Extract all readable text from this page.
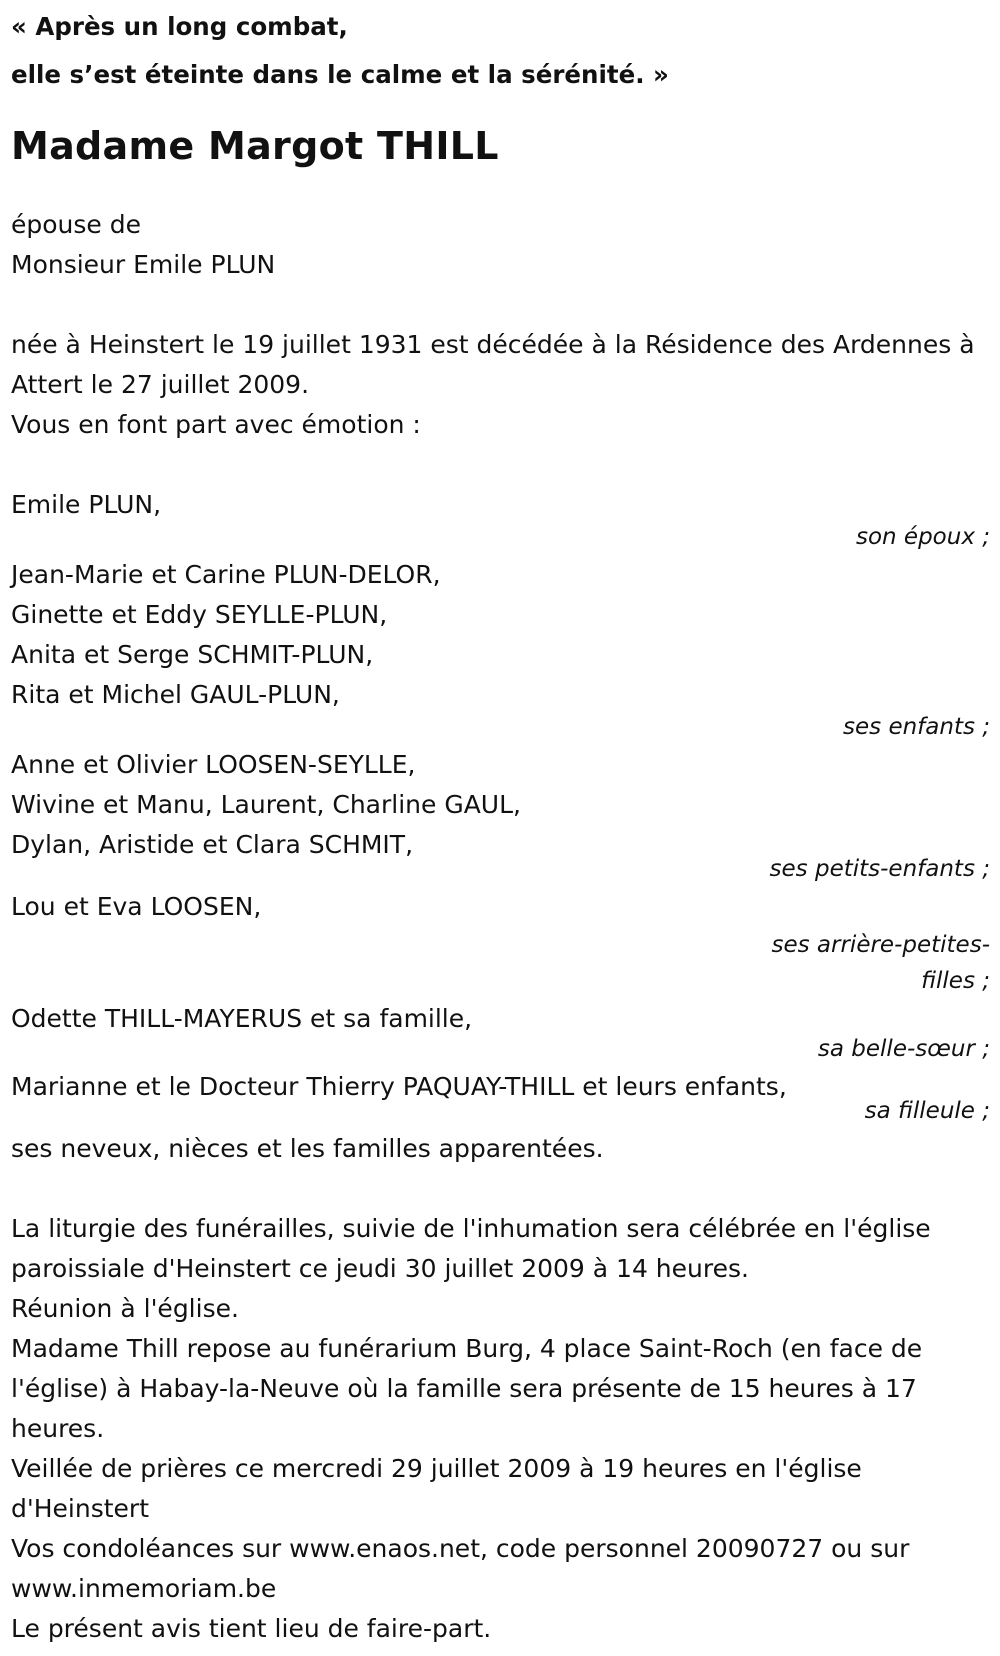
« Après un long combat,
elle s’est éteinte dans le calme et la sérénité. »

Madame Margot THILL

épouse de
Monsieur Emile PLUN

née à Heinstert le 19 juillet 1931 est décédée à la Résidence des Ardennes à Attert le 27 juillet 2009.
Vous en font part avec émotion :

Emile PLUN,
son époux ;
Jean-Marie et Carine PLUN-DELOR,
Ginette et Eddy SEYLLE-PLUN,
Anita et Serge SCHMIT-PLUN,
Rita et Michel GAUL-PLUN,
ses enfants ;
Anne et Olivier LOOSEN-SEYLLE,
Wivine et Manu, Laurent, Charline GAUL,
Dylan, Aristide et Clara SCHMIT,
ses petits-enfants ;
Lou et Eva LOOSEN,
ses arrière-petites-filles ;
Odette THILL-MAYERUS et sa famille,
sa belle-sœur ;
Marianne et le Docteur Thierry PAQUAY-THILL et leurs enfants,
sa filleule ;

ses neveux, nièces et les familles apparentées.

La liturgie des funérailles, suivie de l'inhumation sera célébrée en l'église paroissiale d'Heinstert ce jeudi 30 juillet 2009 à 14 heures.

Réunion à l'église.

Madame Thill repose au funérarium Burg, 4 place Saint-Roch (en face de l'église) à Habay-la-Neuve où la famille sera présente de 15 heures à 17 heures.

Veillée de prières ce mercredi 29 juillet 2009 à 19 heures en l'église d'Heinstert

Vos condoléances sur www.enaos.net, code personnel 20090727 ou sur www.inmemoriam.be

Le présent avis tient lieu de faire-part.
